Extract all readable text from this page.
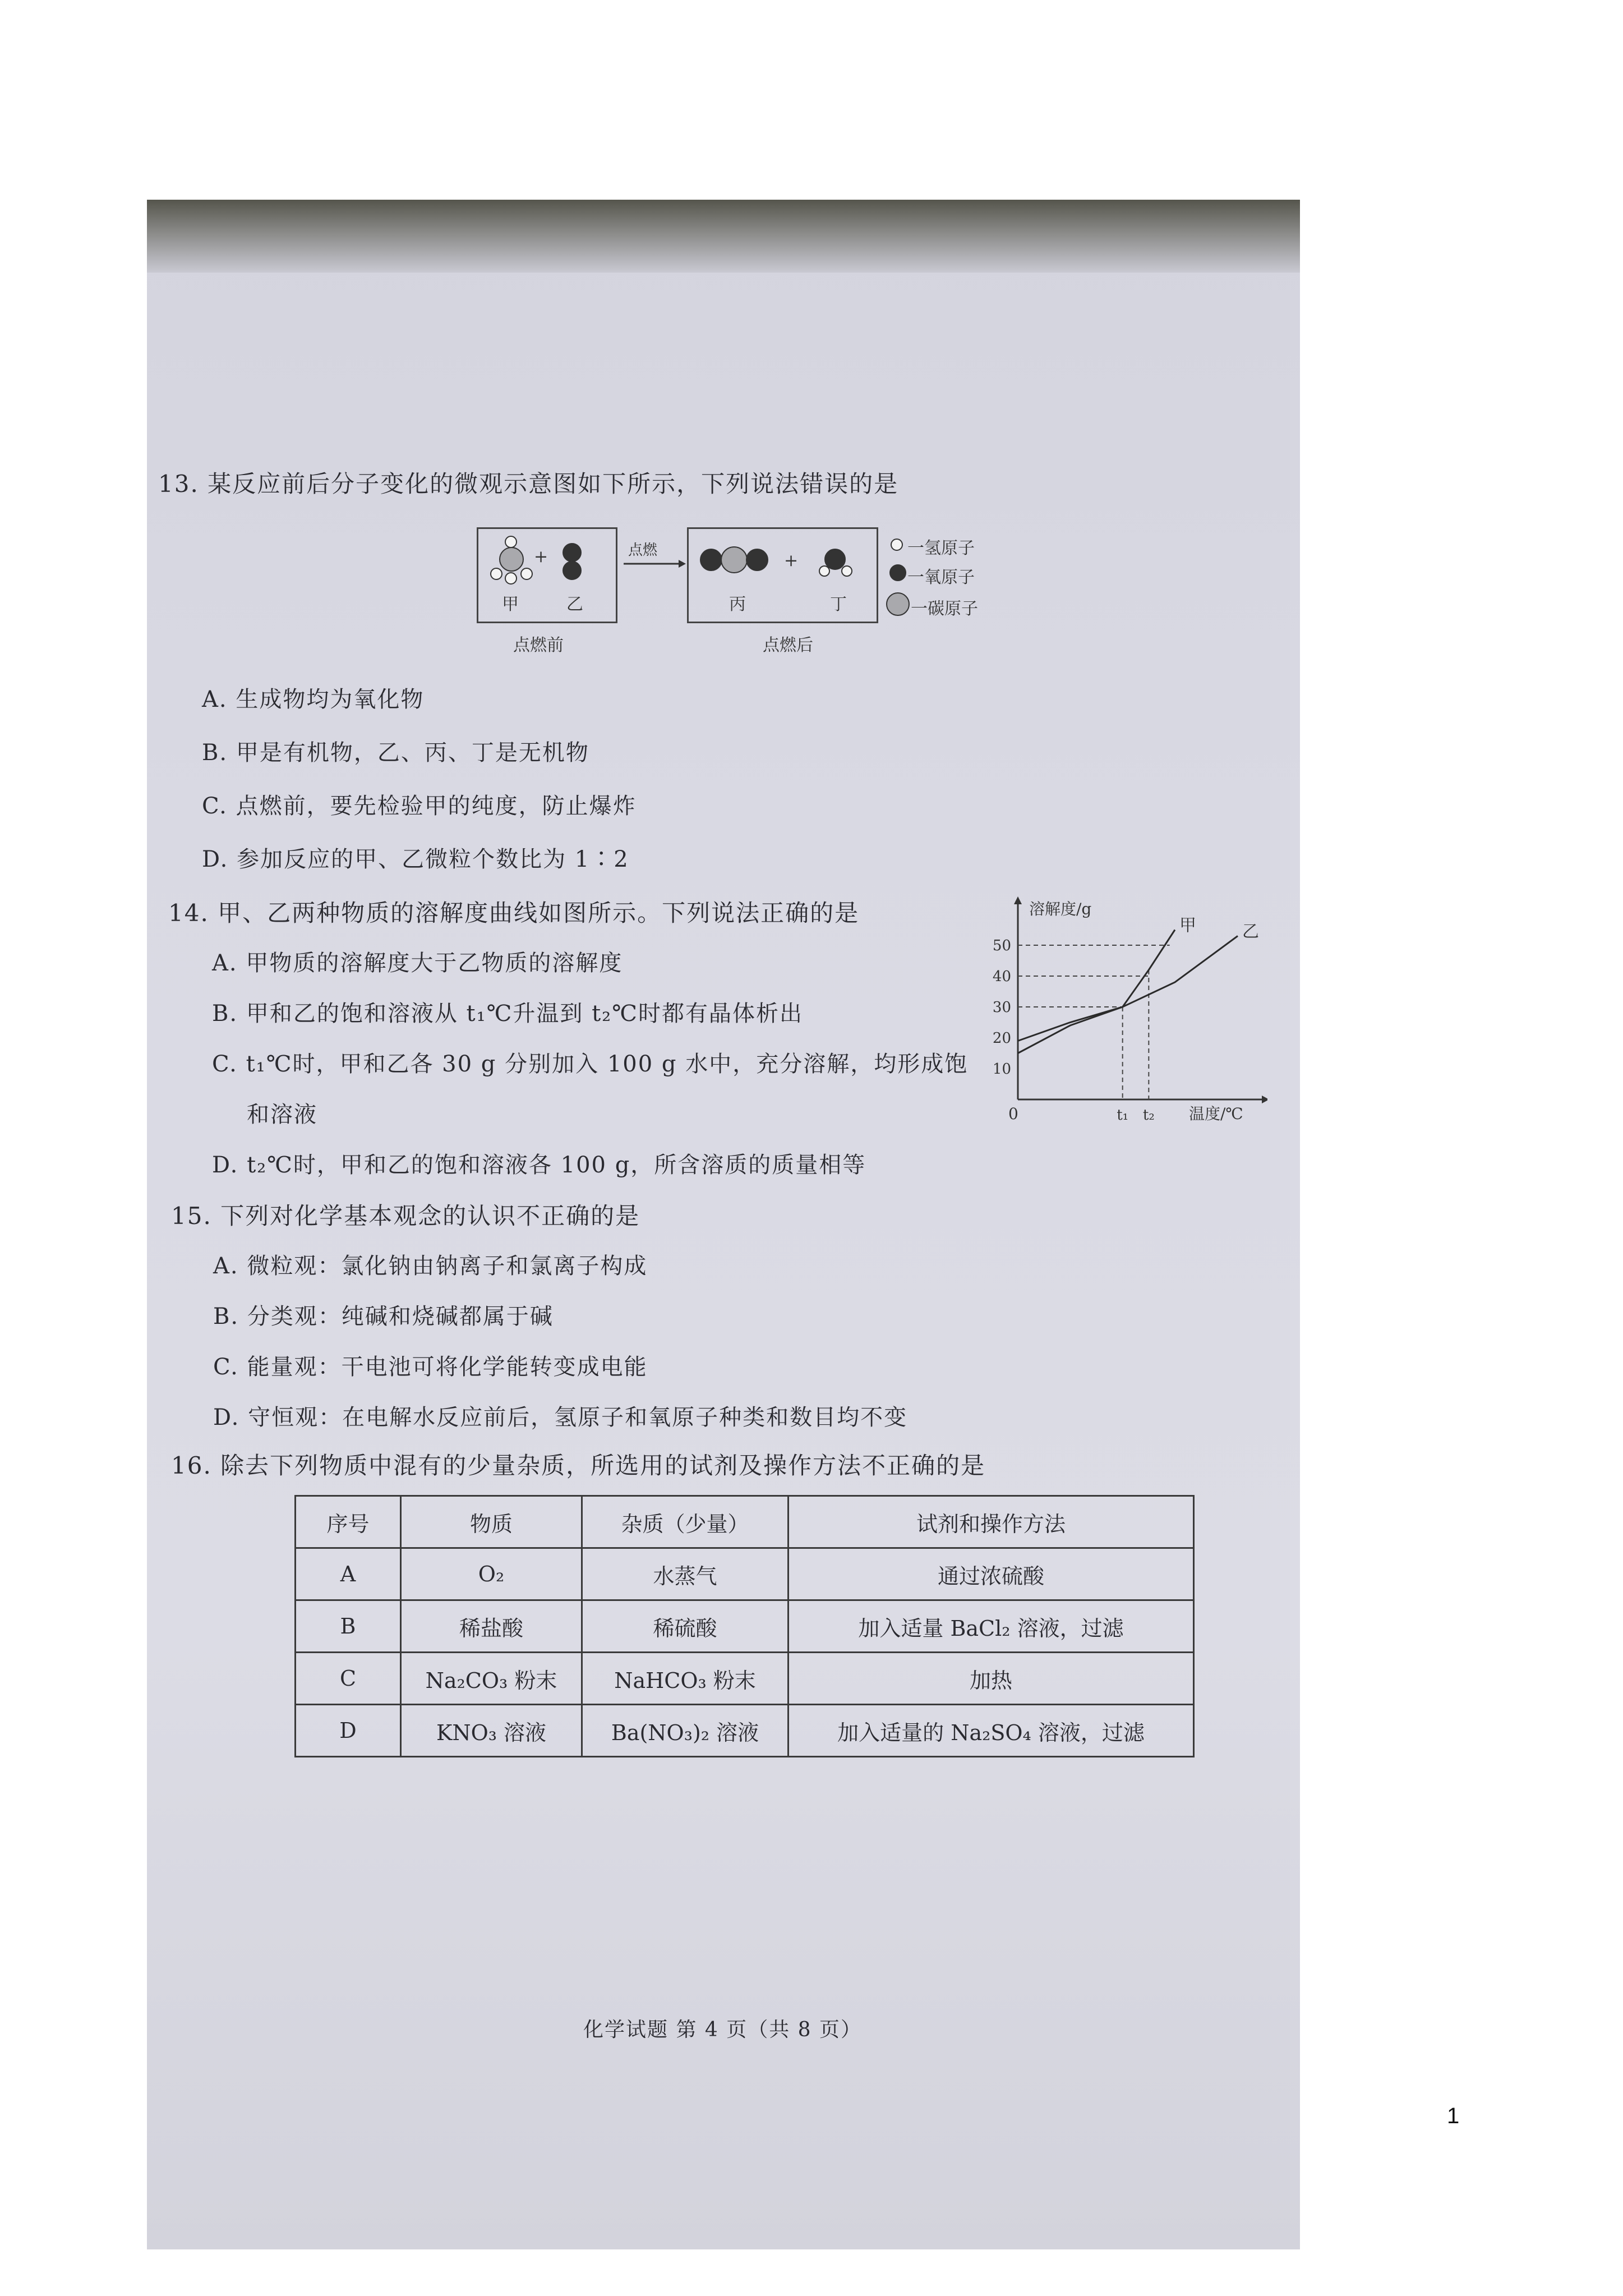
13. 某反应前后分子变化的微观示意图如下所示，下列说法错误的是
+
甲	乙
点燃
+
丙	丁
点燃前	点燃后
一氢原子
一氧原子
一碳原子
A. 生成物均为氧化物
B. 甲是有机物，乙、丙、丁是无机物
C. 点燃前，要先检验甲的纯度，防止爆炸
D. 参加反应的甲、乙微粒个数比为 1∶2
14. 甲、乙两种物质的溶解度曲线如图所示。下列说法正确的是
A. 甲物质的溶解度大于乙物质的溶解度
B. 甲和乙的饱和溶液从 t₁℃升温到 t₂℃时都有晶体析出
C. t₁℃时，甲和乙各 30 g 分别加入 100 g 水中，充分溶解，均形成饱
和溶液
D. t₂℃时，甲和乙的饱和溶液各 100 g，所含溶质的质量相等
10
20
30
40
50
t₁ t₂
甲	乙
溶解度/g
温度/℃
0
15. 下列对化学基本观念的认识不正确的是
A. 微粒观：氯化钠由钠离子和氯离子构成
B. 分类观：纯碱和烧碱都属于碱
C. 能量观：干电池可将化学能转变成电能
D. 守恒观：在电解水反应前后，氢原子和氧原子种类和数目均不变
16. 除去下列物质中混有的少量杂质，所选用的试剂及操作方法不正确的是
序号	物质	杂质（少量）	试剂和操作方法
A	O₂	水蒸气	通过浓硫酸
B	稀盐酸	稀硫酸	加入适量 BaCl₂ 溶液，过滤
C	Na₂CO₃ 粉末	NaHCO₃ 粉末	加热
D	KNO₃ 溶液	Ba(NO₃)₂ 溶液	加入适量的 Na₂SO₄ 溶液，过滤
化学试题 第 4 页（共 8 页）
1
